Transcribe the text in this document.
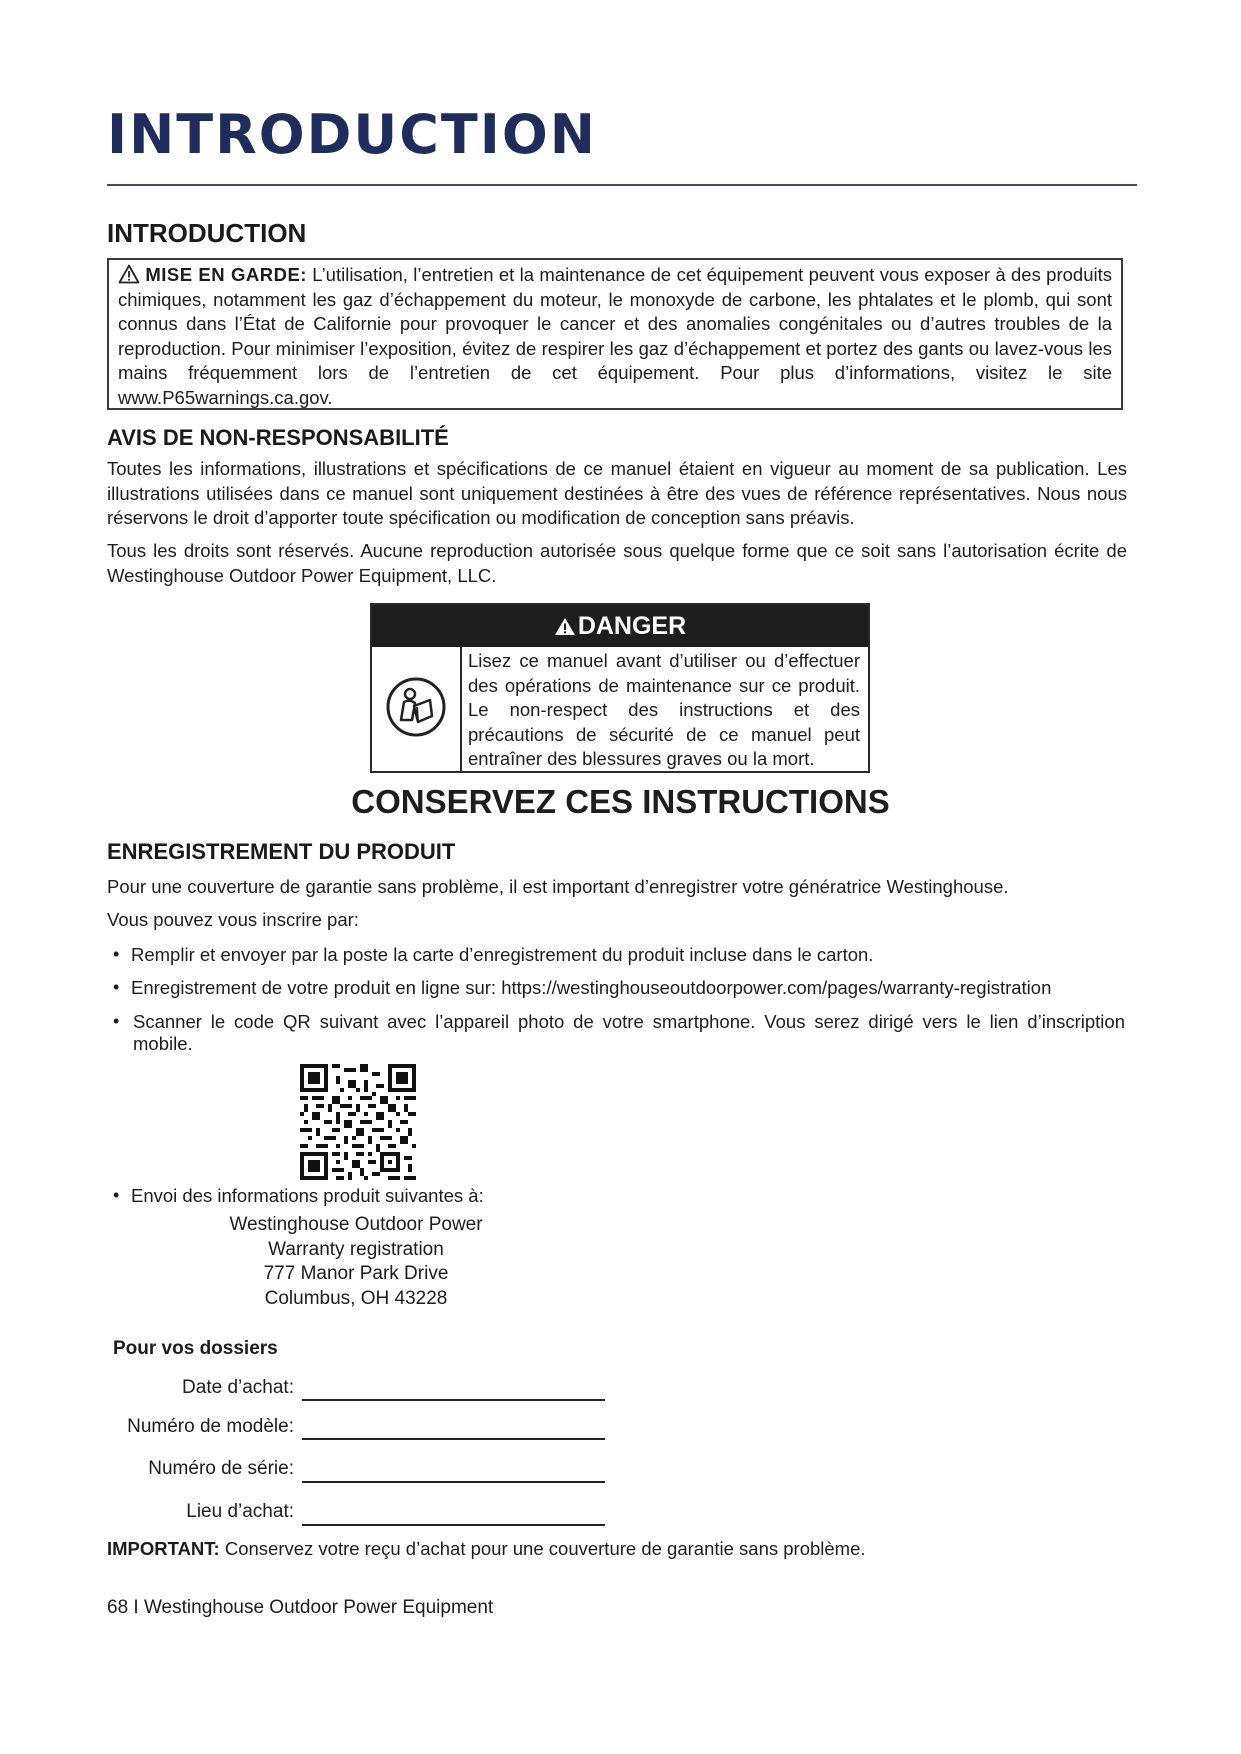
INTRODUCTION
INTRODUCTION
MISE EN GARDE: L’utilisation, l’entretien et la maintenance de cet équipement peuvent vous exposer à des produits chimiques, notamment les gaz d’échappement du moteur, le monoxyde de carbone, les phtalates et le plomb, qui sont connus dans l’État de Californie pour provoquer le cancer et des anomalies congénitales ou d’autres troubles de la reproduction. Pour minimiser l’exposition, évitez de respirer les gaz d’échappement et portez des gants ou lavez-vous les mains fréquemment lors de l’entretien de cet équipement. Pour plus d’informations, visitez le site www.P65warnings.ca.gov.
AVIS DE NON-RESPONSABILITÉ

Toutes les informations, illustrations et spécifications de ce manuel étaient en vigueur au moment de sa publication. Les illustrations utilisées dans ce manuel sont uniquement destinées à être des vues de référence représentatives. Nous nous réservons le droit d’apporter toute spécification ou modification de conception sans préavis.

Tous les droits sont réservés. Aucune reproduction autorisée sous quelque forme que ce soit sans l’autorisation écrite de Westinghouse Outdoor Power Equipment, LLC.

DANGER
Lisez ce manuel avant d’utiliser ou d’effectuer des opérations de maintenance sur ce produit. Le non-respect des instructions et des précautions de sécurité de ce manuel peut entraîner des blessures graves ou la mort.
CONSERVEZ CES INSTRUCTIONS
ENREGISTREMENT DU PRODUIT

Pour une couverture de garantie sans problème, il est important d’enregistrer votre génératrice Westinghouse.

Vous pouvez vous inscrire par:

• Remplir et envoyer par la poste la carte d’enregistrement du produit incluse dans le carton.
• Enregistrement de votre produit en ligne sur: https://westinghouseoutdoorpower.com/pages/warranty-registration
• Scanner le code QR suivant avec l’appareil photo de votre smartphone. Vous serez dirigé vers le lien d’inscription mobile.
• Envoi des informations produit suivantes à:
Westinghouse Outdoor Power
Warranty registration
777 Manor Park Drive
Columbus, OH 43228
Pour vos dossiers
Date d’achat:
Numéro de modèle:
Numéro de série:
Lieu d’achat:
IMPORTANT: Conservez votre reçu d’achat pour une couverture de garantie sans problème.
68 I Westinghouse Outdoor Power Equipment
